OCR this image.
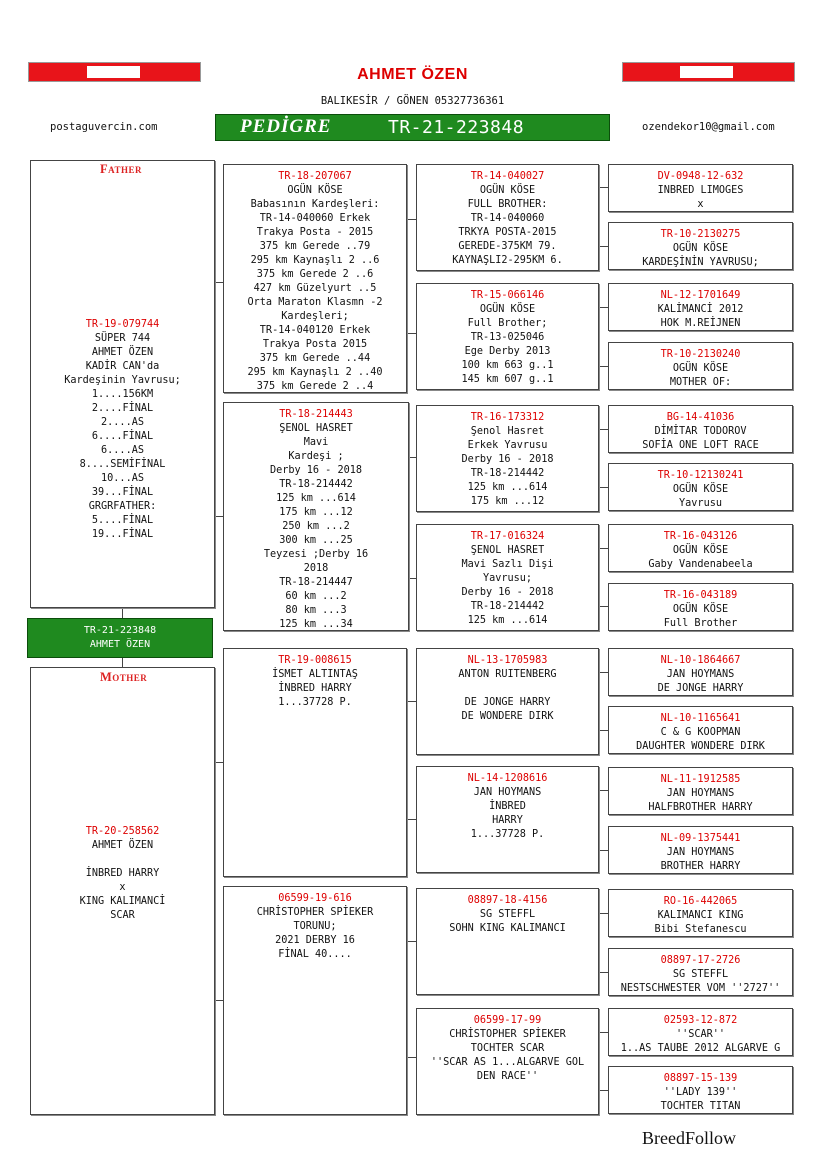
AHMET ÖZEN
BALIKESİR / GÖNEN 05327736361
postaguvercin.com	ozendekor10@gmail.com
PEDİGRE	TR-21-223848
TR-19-079744
SÜPER 744
AHMET ÖZEN
KADİR CAN'da
Kardeşinin Yavrusu;
1....156KM
2....FİNAL
2....AS
6....FİNAL
6....AS
8....SEMİFİNAL
10...AS
39...FİNAL
GRGRFATHER:
5....FİNAL
19...FİNAL
Father
TR-21-223848
AHMET ÖZEN
TR-20-258562
AHMET ÖZEN

İNBRED HARRY
x
KING KALIMANCİ
SCAR
Mother
TR-18-207067
OGÜN KÖSE
Babasının Kardeşleri:
TR-14-040060 Erkek
Trakya Posta - 2015
375 km Gerede ..79
295 km Kaynaşlı 2 ..6
375 km Gerede 2 ..6
427 km Güzelyurt ..5
Orta Maraton Klasmn -2
Kardeşleri;
TR-14-040120 Erkek
Trakya Posta 2015
375 km Gerede ..44
295 km Kaynaşlı 2 ..40
375 km Gerede 2 ..4
TR-18-214443
ŞENOL HASRET
Mavi
Kardeşi ;
Derby 16 - 2018
TR-18-214442
125 km ...614
175 km ...12
250 km ...2
300 km ...25
Teyzesi ;Derby 16
2018
TR-18-214447
60 km ...2
80 km ...3
125 km ...34
TR-19-008615
İSMET ALTINTAŞ
İNBRED HARRY
1...37728 P.
06599-19-616
CHRİSTOPHER SPİEKER
TORUNU;
2021 DERBY 16
FİNAL 40....
TR-14-040027
OGÜN KÖSE
FULL BROTHER:
TR-14-040060
TRKYA POSTA-2015
GEREDE-375KM 79.
KAYNAŞLI2-295KM 6.
TR-15-066146
OGÜN KÖSE
Full Brother;
TR-13-025046
Ege Derby 2013
100 km 663 g..1
145 km 607 g..1
TR-16-173312
Şenol Hasret
Erkek Yavrusu
Derby 16 - 2018
TR-18-214442
125 km ...614
175 km ...12
TR-17-016324
ŞENOL HASRET
Mavi Sazlı Dişi
Yavrusu;
Derby 16 - 2018
TR-18-214442
125 km ...614
NL-13-1705983
ANTON RUITENBERG

DE JONGE HARRY
DE WONDERE DIRK
NL-14-1208616
JAN HOYMANS
İNBRED
HARRY
1...37728 P.
08897-18-4156
SG STEFFL
SOHN KING KALIMANCI
06599-17-99
CHRİSTOPHER SPİEKER
TOCHTER SCAR
''SCAR AS 1...ALGARVE GOL
DEN RACE''
DV-0948-12-632
INBRED LIMOGES
x
TR-10-2130275
OGÜN KÖSE
KARDEŞİNİN YAVRUSU;
NL-12-1701649
KALİMANCİ 2012
HOK M.REİJNEN
TR-10-2130240
OGÜN KÖSE
MOTHER OF:
BG-14-41036
DİMİTAR TODOROV
SOFİA ONE LOFT RACE
TR-10-12130241
OGÜN KÖSE
Yavrusu
TR-16-043126
OGÜN KÖSE
Gaby Vandenabeela
TR-16-043189
OGÜN KÖSE
Full Brother
NL-10-1864667
JAN HOYMANS
DE JONGE HARRY
NL-10-1165641
C & G KOOPMAN
DAUGHTER WONDERE DIRK
NL-11-1912585
JAN HOYMANS
HALFBROTHER HARRY
NL-09-1375441
JAN HOYMANS
BROTHER HARRY
RO-16-442065
KALIMANCI KING
Bibi Stefanescu
08897-17-2726
SG STEFFL
NESTSCHWESTER VOM ''2727''
02593-12-872
''SCAR''
1..AS TAUBE 2012 ALGARVE G
08897-15-139
''LADY 139''
TOCHTER TITAN
BreedFollow
